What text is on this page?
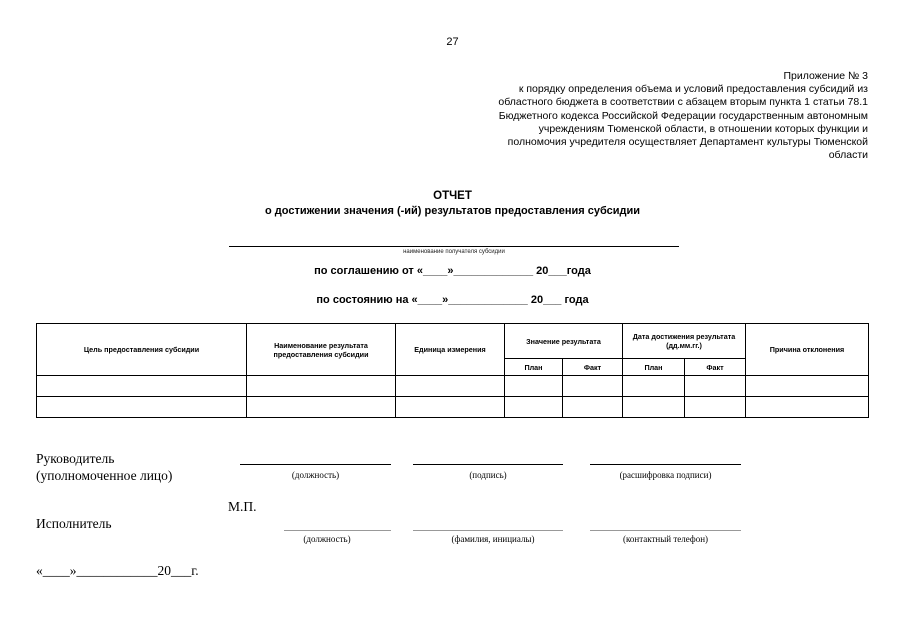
27
Приложение № 3
к порядку определения объема и условий предоставления субсидий из
областного бюджета в соответствии с абзацем вторым пункта 1 статьи 78.1
Бюджетного кодекса Российской Федерации государственным автономным
учреждениям Тюменской области, в отношении которых функции и
полномочия учредителя осуществляет Департамент культуры Тюменской
области
ОТЧЕТ
о достижении значения (-ий) результатов предоставления субсидии
наименование получателя субсидии
по соглашению от «____»_____________ 20___года
по состоянию на «____»_____________ 20___ года
Цель предоставления субсидии	Наименование результата предоставления субсидии	Единица измерения	Значение результата		Дата достижения результата (дд.мм.гг.)		Причина отклонения
			План	Факт	План	Факт	

Руководитель
(уполномоченное лицо)	(должность)	(подпись)	(расшифровка подписи)
М.П.
Исполнитель
(должность)	(фамилия, инициалы)	(контактный телефон)
«____»____________20___г.
